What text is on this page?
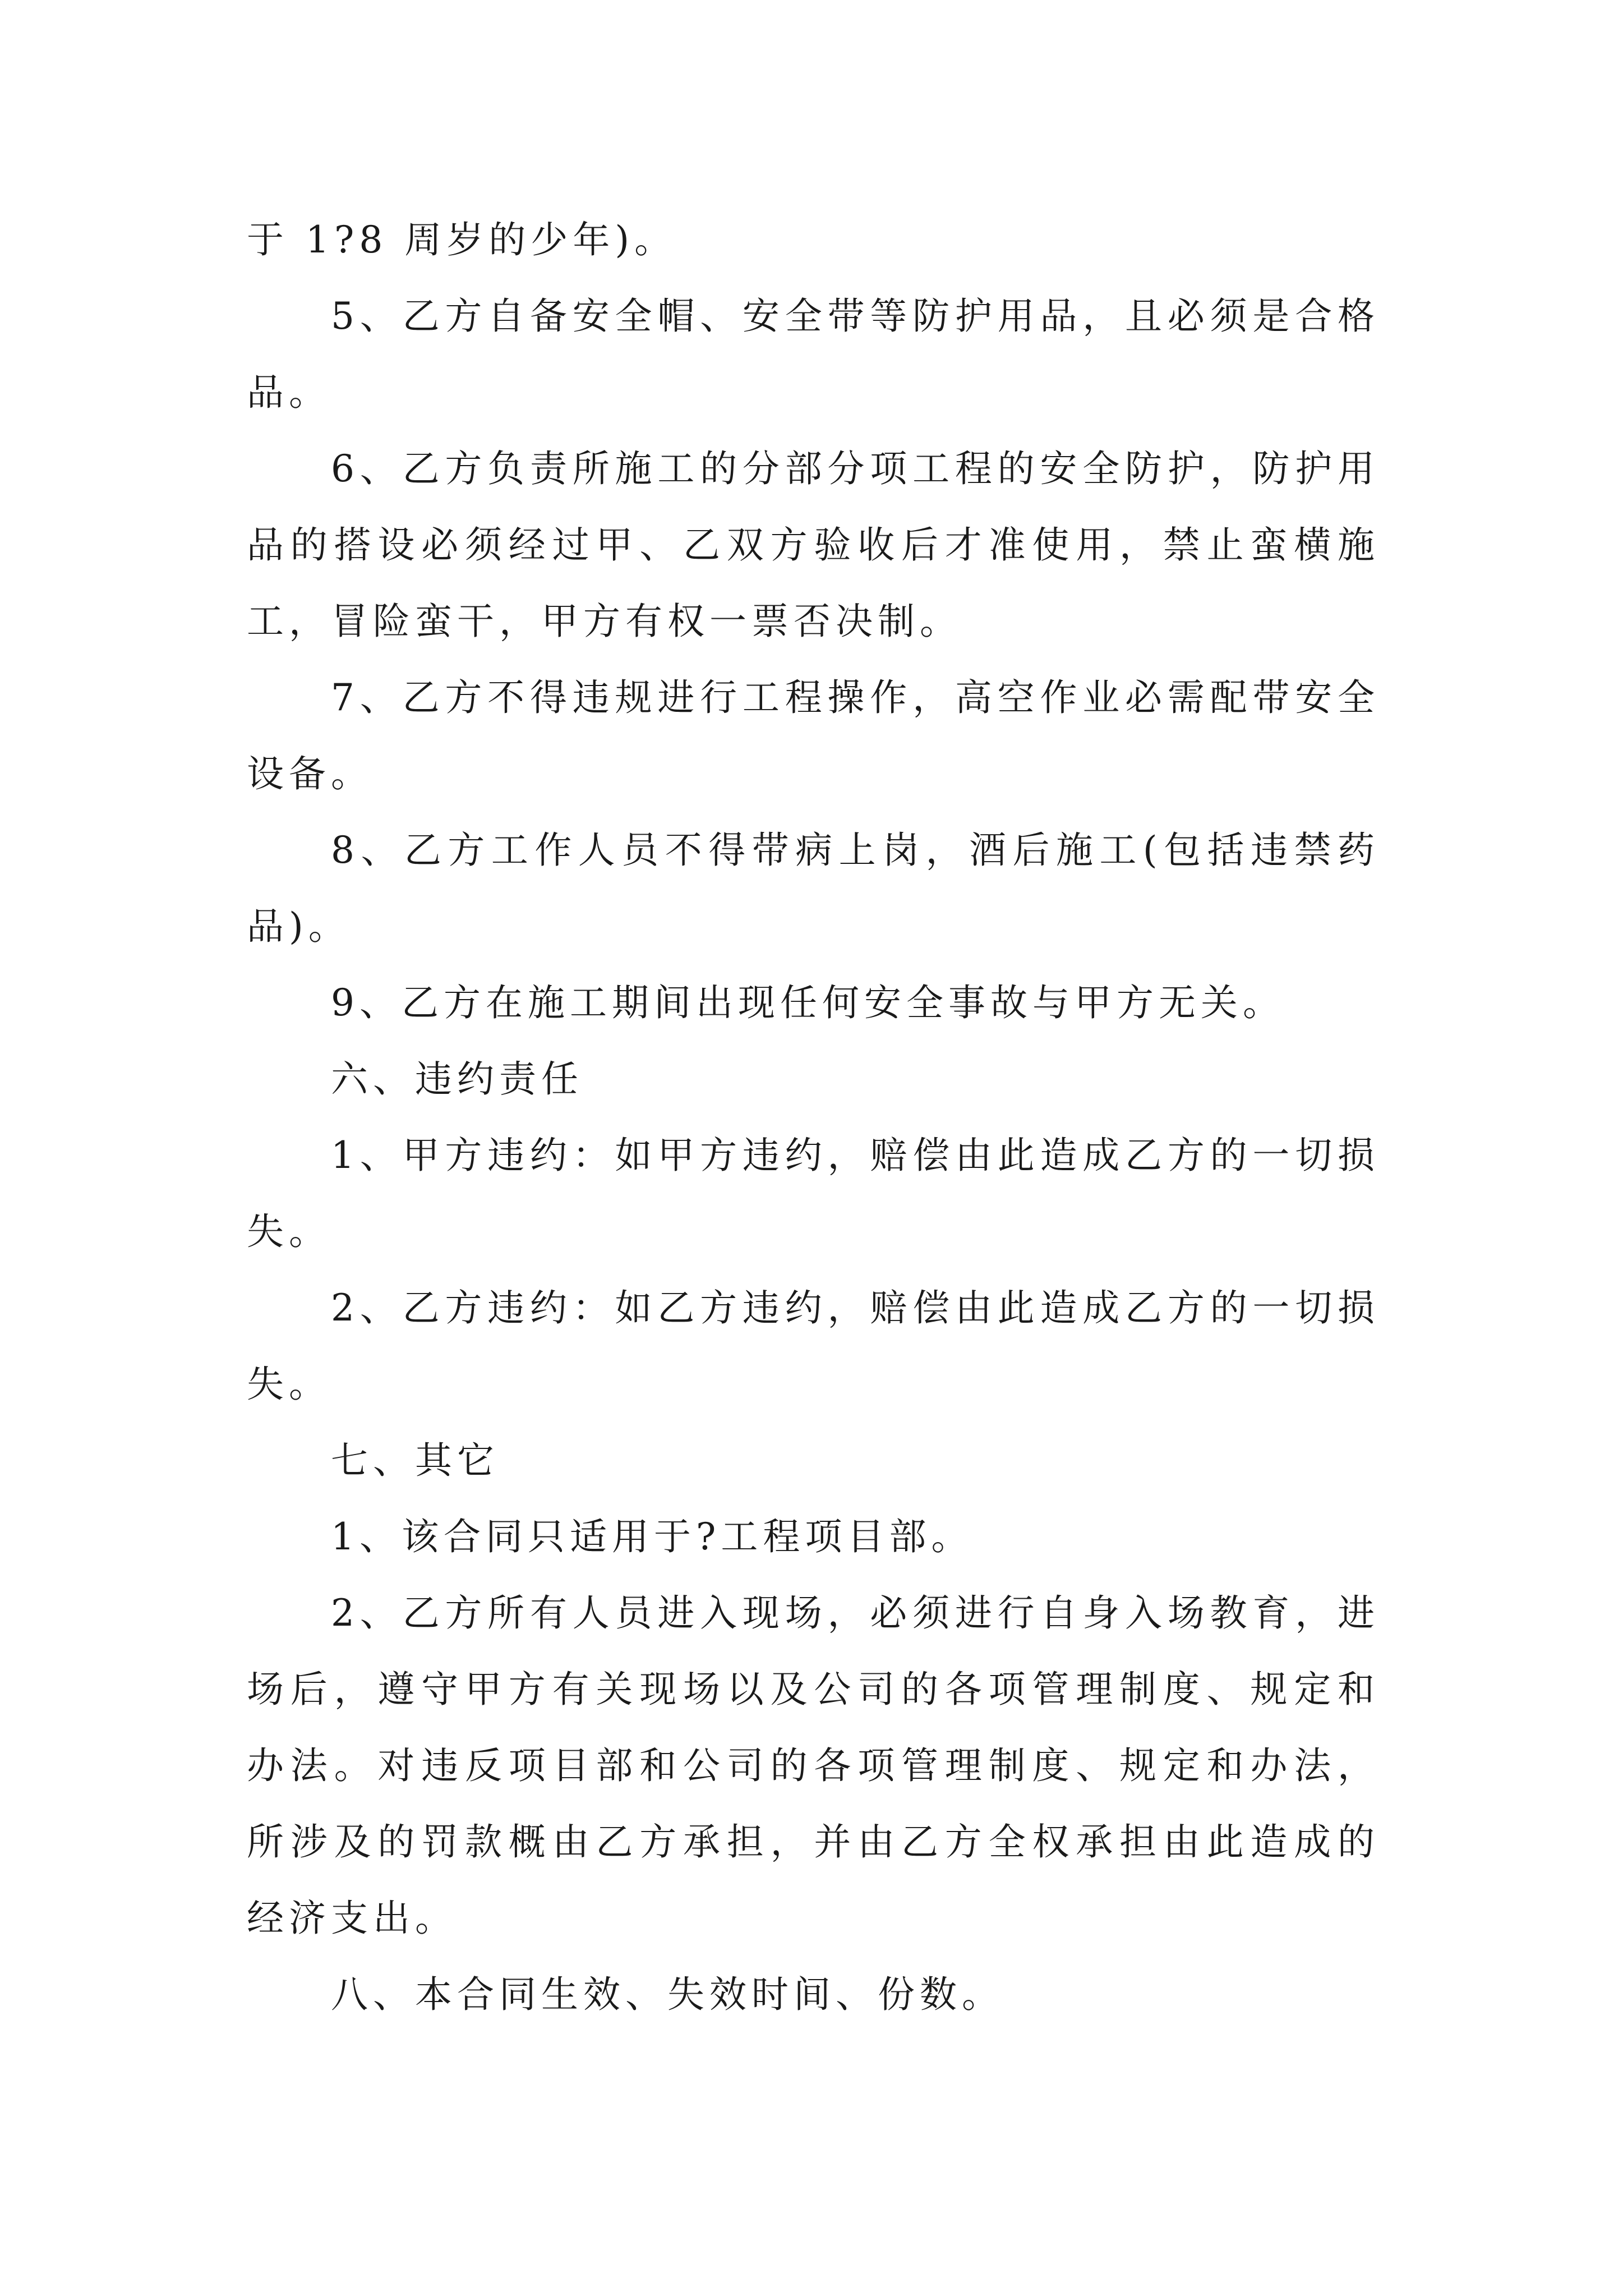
于 1?8 周岁的少年)。

5、乙方自备安全帽、安全带等防护用品，且必须是合格品。

6、乙方负责所施工的分部分项工程的安全防护，防护用品的搭设必须经过甲、乙双方验收后才准使用，禁止蛮横施工，冒险蛮干，甲方有权一票否决制。

7、乙方不得违规进行工程操作，高空作业必需配带安全设备。

8、乙方工作人员不得带病上岗，酒后施工(包括违禁药品)。

9、乙方在施工期间出现任何安全事故与甲方无关。

六、违约责任

1、甲方违约：如甲方违约，赔偿由此造成乙方的一切损失。

2、乙方违约：如乙方违约，赔偿由此造成乙方的一切损失。

七、其它

1、该合同只适用于?工程项目部。

2、乙方所有人员进入现场，必须进行自身入场教育，进场后，遵守甲方有关现场以及公司的各项管理制度、规定和办法。对违反项目部和公司的各项管理制度、规定和办法，所涉及的罚款概由乙方承担，并由乙方全权承担由此造成的经济支出。

八、本合同生效、失效时间、份数。
